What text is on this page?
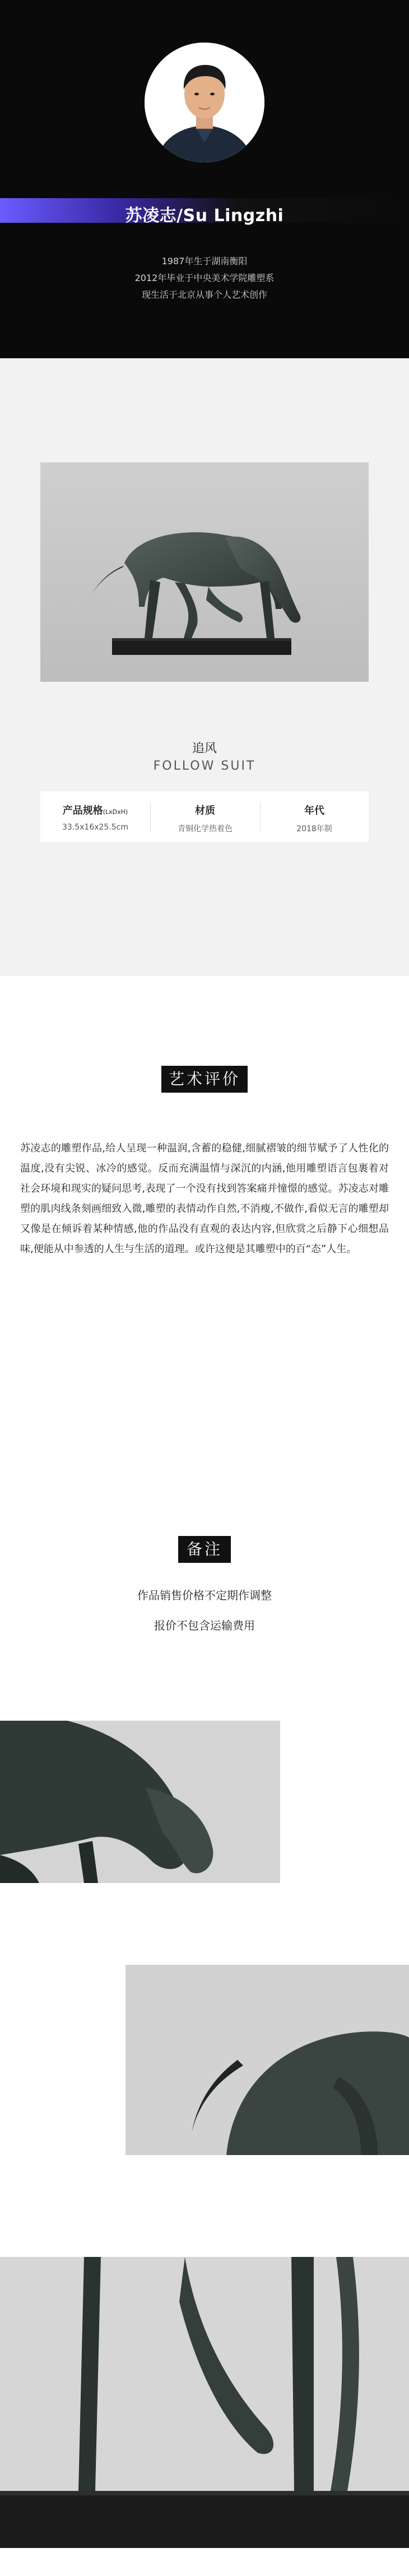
苏凌志/Su Lingzhi
1987年生于湖南衡阳
2012年毕业于中央美术学院雕塑系
现生活于北京从事个人艺术创作
追风
FOLLOW SUIT
产品规格(LxDxH)
33.5x16x25.5cm
材质
青铜化学热着色
年代
2018年制
艺术评价

苏凌志的雕塑作品,给人呈现一种温润,含蓄的稳健,细腻褶皱的细节赋予了人性化的温度,没有尖锐、冰冷的感觉。反而充满温情与深沉的内涵,他用雕塑语言包裹着对社会环境和现实的疑问思考,表现了一个没有找到答案痛并憧憬的感觉。苏凌志对雕塑的肌肉线条刻画细致入微,雕塑的表情动作自然,不消瘦,不做作,看似无言的雕塑却又像是在倾诉着某种情感,他的作品没有直观的表达内容,但欣赏之后静下心细想品味,便能从中参透的人生与生活的道理。或许这便是其雕塑中的百“态”人生。

备注
作品销售价格不定期作调整
报价不包含运输费用
